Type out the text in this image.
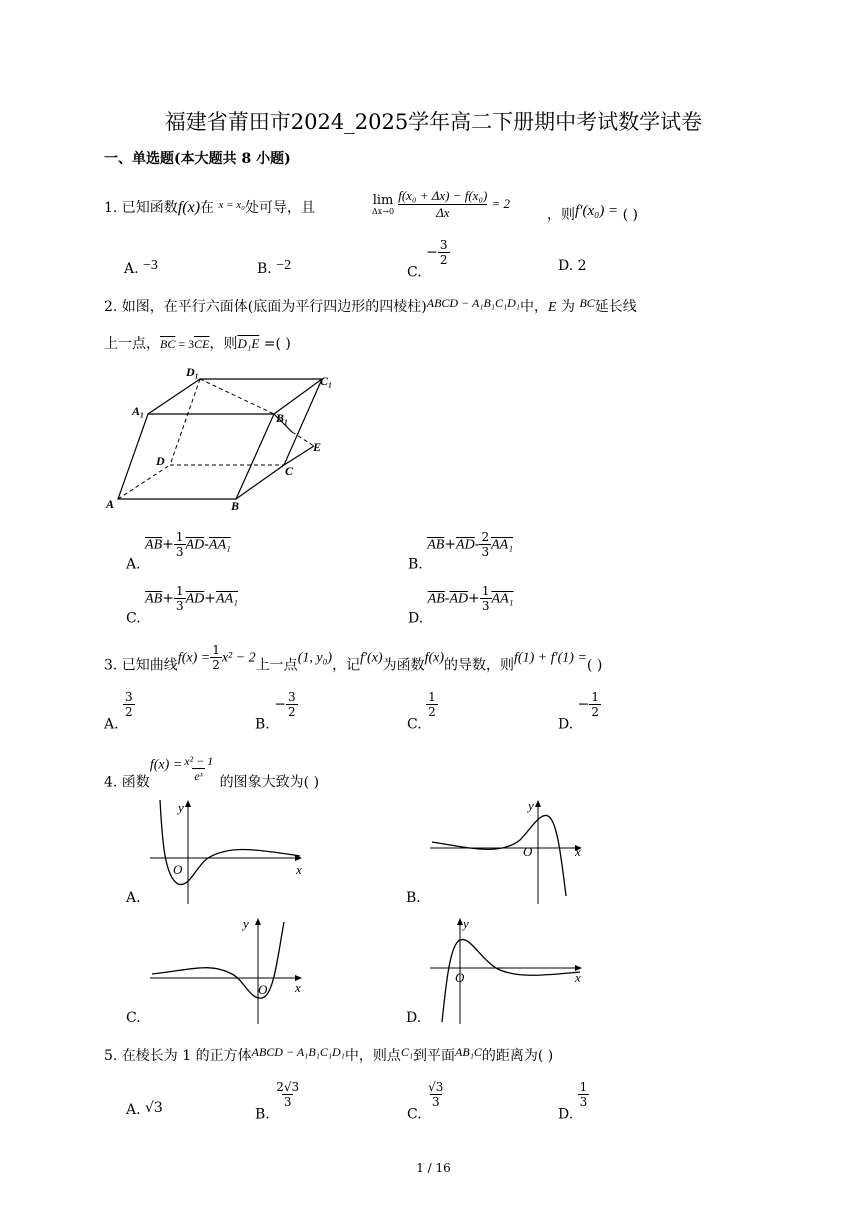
福建省莆田市2024_2025学年高二下册期中考试数学试卷
一、单选题(本大题共 8 小题)
1. 已知函数f(x)在 $^{x = x_0}$处可导，且	lim
Δx→0
$\frac{\text{f(x₀ + Δx) − f(x₀)}}{\Delta x} = 2$
，则f′(x₀) = ( )
A. −3	B. −2	C. − $\frac{3}{2}$	D. 2
2. 如图，在平行六面体(底面为平行四边形的四棱柱)ABCD − A₁B₁C₁D₁中，E 为 BC延长线
上一点，$\overline{BC} = 3\overline{CE}$，则D₁E =( )
D₁
C₁
A₁	B₁
E
D
C
A	B
A. $\overline{AB}+ \frac{1}{3} \overline{AD}-AA_1$
B. $\overline{AB}+\overline{AD}- \frac{2}{3} AA_1$
C. $\overline{AB}+ \frac{1}{3} \overline{AD}+AA_1$
D. $\overline{AB}-\overline{AD}+ \frac{1}{3} AA_1$
3. 已知曲线$f(x) = \frac{1}{2} x^2 - 2$上一点(1, y₀)，记f′(x)为函数f(x)的导数，则f(1) + f′(1) =( )
A.
$\frac{3}{2}$
B. − $\frac{3}{2}$
C.
$\frac{1}{2}$
D. − $\frac{1}{2}$
4. 函数$f(x) = \frac{\text{x² − 1}}{\text{eˣ}}$ 的图象大致为( )
y
x
O
A.
y
x
O
B.
y
x
O
C.
y
x
O
D.
5. 在棱长为 1 的正方体ABCD − A₁B₁C₁D₁中，则点C₁到平面AB₁C的距离为( )
A. √3	B.
$\frac{2√3}{3}$
C.
$\frac{√3}{3}$
D.
$\frac{1}{3}$
1 / 16
